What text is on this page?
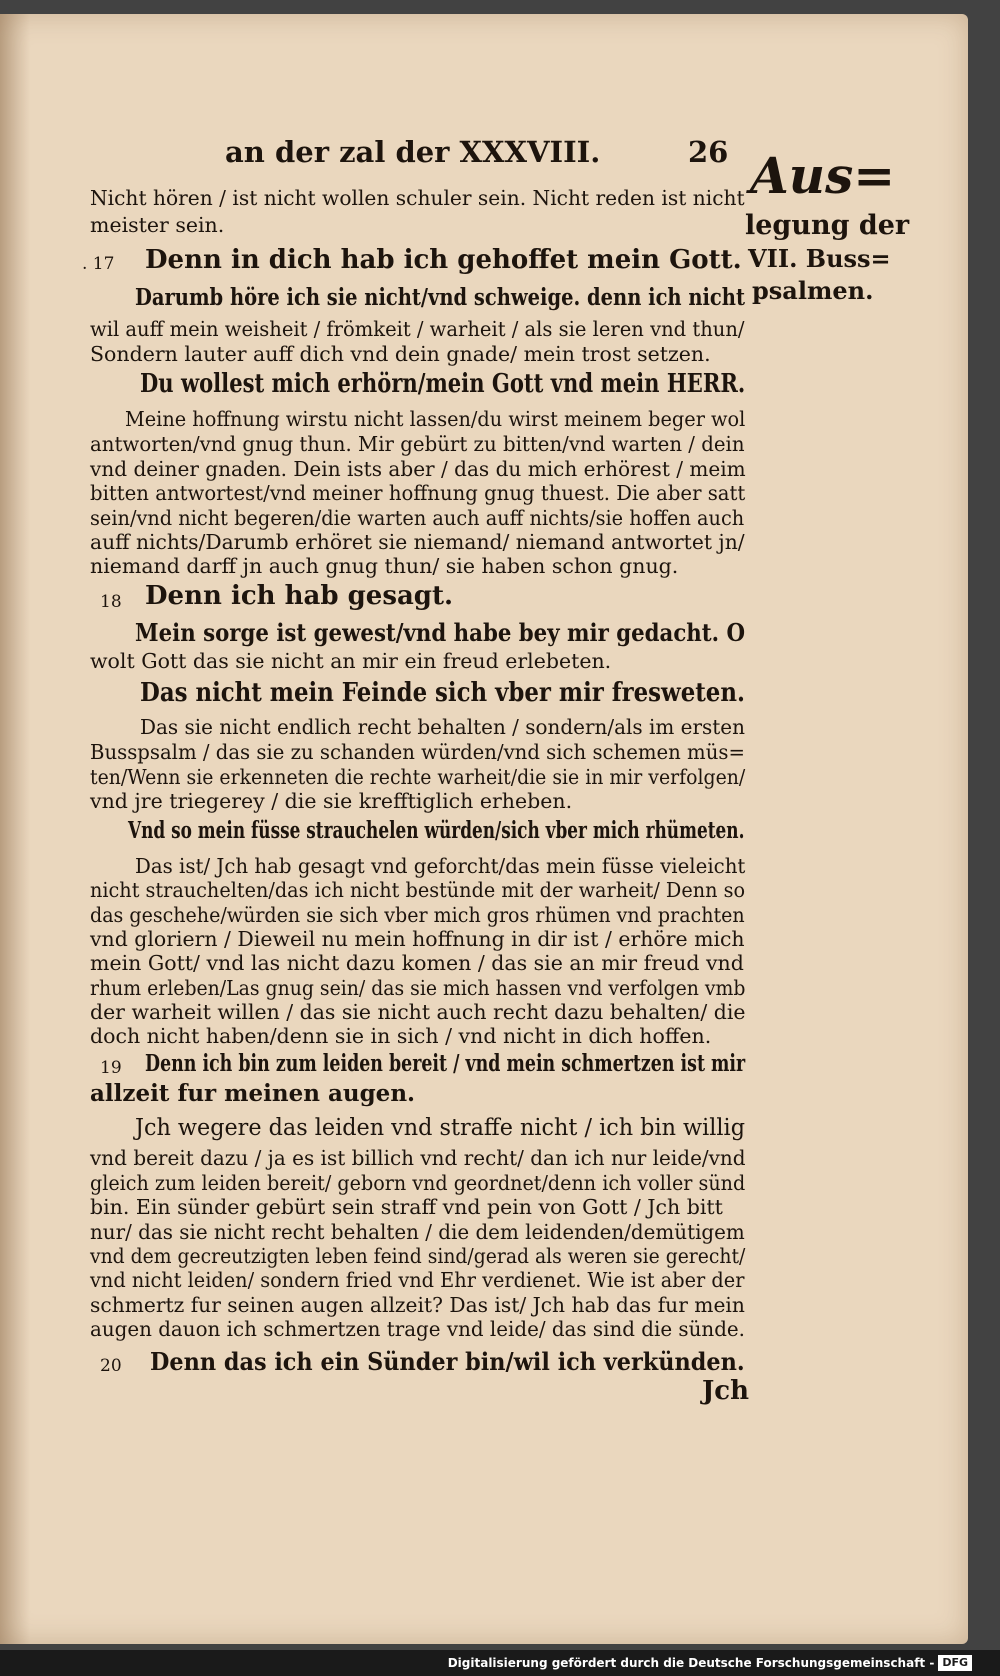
an der zal der XXXVIII.	26 Aus=
legung der
VII. Buss=
psalmen.
Nicht hören / ist nicht wollen schuler sein. Nicht reden ist nicht
meister sein.
. 17 Denn in dich hab ich gehoffet mein Gott.
Darumb höre ich sie nicht/vnd schweige. denn ich nicht
wil auff mein weisheit / frömkeit / warheit / als sie leren vnd thun/
Sondern lauter auff dich vnd dein gnade/ mein trost setzen.
Du wollest mich erhörn/mein Gott vnd mein HERR.
Meine hoffnung wirstu nicht lassen/du wirst meinem beger wol
antworten/vnd gnug thun. Mir gebürt zu bitten/vnd warten / dein
vnd deiner gnaden. Dein ists aber / das du mich erhörest / meim
bitten antwortest/vnd meiner hoffnung gnug thuest. Die aber satt
sein/vnd nicht begeren/die warten auch auff nichts/sie hoffen auch
auff nichts/Darumb erhöret sie niemand/ niemand antwortet jn/
niemand darff jn auch gnug thun/ sie haben schon gnug.
18 Denn ich hab gesagt.
Mein sorge ist gewest/vnd habe bey mir gedacht. O
wolt Gott das sie nicht an mir ein freud erlebeten.
Das nicht mein Feinde sich vber mir fresweten.
Das sie nicht endlich recht behalten / sondern/als im ersten
Busspsalm / das sie zu schanden würden/vnd sich schemen müs=
ten/Wenn sie erkenneten die rechte warheit/die sie in mir verfolgen/
vnd jre triegerey / die sie krefftiglich erheben.
Vnd so mein füsse strauchelen würden/sich vber mich rhümeten.
Das ist/ Jch hab gesagt vnd geforcht/das mein füsse vieleicht
nicht strauchelten/das ich nicht bestünde mit der warheit/ Denn so
das geschehe/würden sie sich vber mich gros rhümen vnd prachten
vnd gloriern / Dieweil nu mein hoffnung in dir ist / erhöre mich
mein Gott/ vnd las nicht dazu komen / das sie an mir freud vnd
rhum erleben/Las gnug sein/ das sie mich hassen vnd verfolgen vmb
der warheit willen / das sie nicht auch recht dazu behalten/ die
doch nicht haben/denn sie in sich / vnd nicht in dich hoffen.
19 Denn ich bin zum leiden bereit / vnd mein schmertzen ist mir
allzeit fur meinen augen.
Jch wegere das leiden vnd straffe nicht / ich bin willig
vnd bereit dazu / ja es ist billich vnd recht/ dan ich nur leide/vnd
gleich zum leiden bereit/ geborn vnd geordnet/denn ich voller sünd
bin. Ein sünder gebürt sein straff vnd pein von Gott / Jch bitt
nur/ das sie nicht recht behalten / die dem leidenden/demütigem
vnd dem gecreutzigten leben feind sind/gerad als weren sie gerecht/
vnd nicht leiden/ sondern fried vnd Ehr verdienet. Wie ist aber der
schmertz fur seinen augen allzeit? Das ist/ Jch hab das fur mein
augen dauon ich schmertzen trage vnd leide/ das sind die sünde.
20 Denn das ich ein Sünder bin/wil ich verkünden.
Jch
Digitalisierung gefördert durch die Deutsche Forschungsgemeinschaft - DFG
